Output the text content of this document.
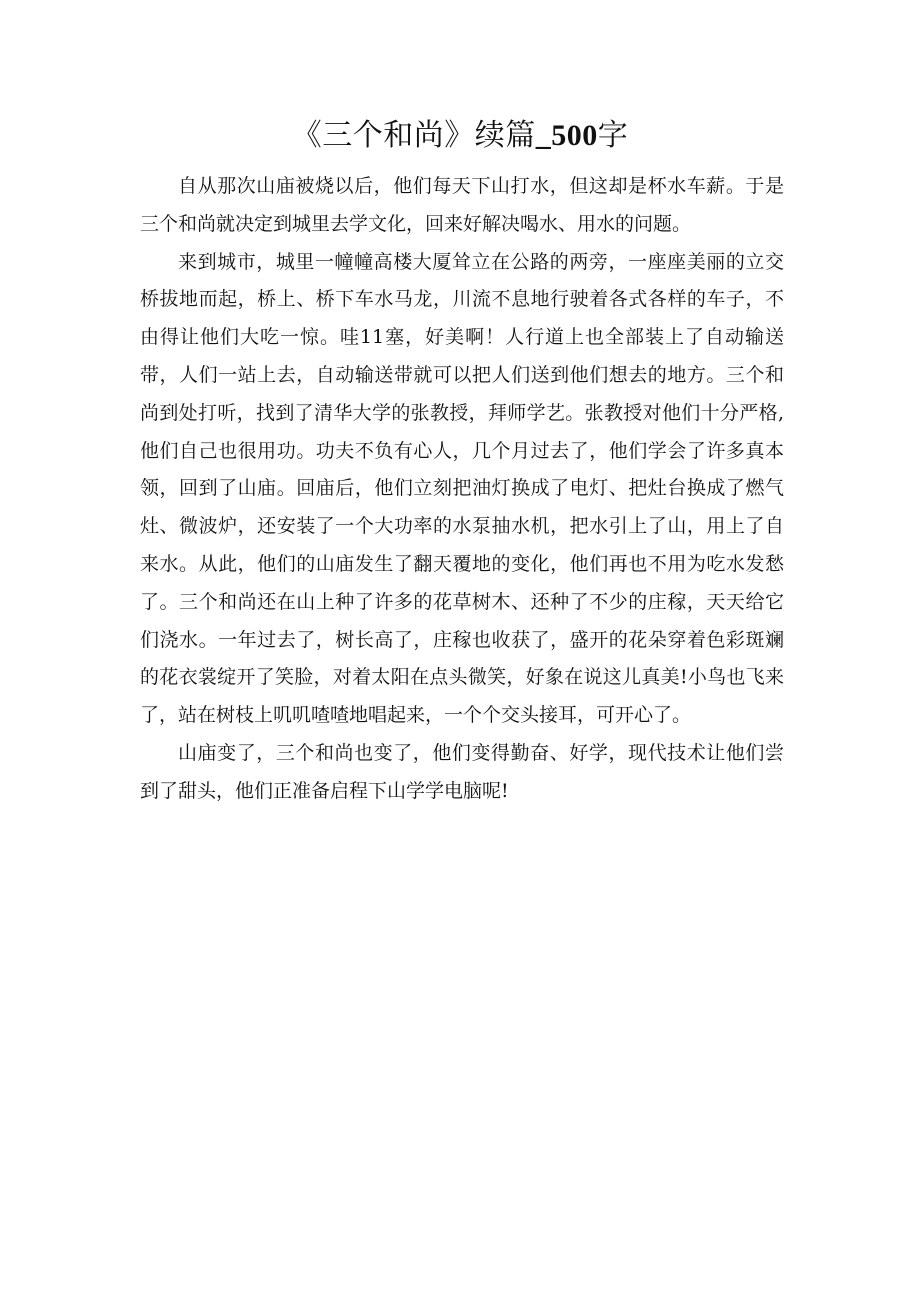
《三个和尚》续篇_500字

自从那次山庙被烧以后，他们每天下山打水，但这却是杯水车薪。于是三个和尚就决定到城里去学文化，回来好解决喝水、用水的问题。

来到城市，城里一幢幢高楼大厦耸立在公路的两旁，一座座美丽的立交桥拔地而起，桥上、桥下车水马龙，川流不息地行驶着各式各样的车子，不由得让他们大吃一惊。哇11塞，好美啊！人行道上也全部装上了自动输送带，人们一站上去，自动输送带就可以把人们送到他们想去的地方。三个和尚到处打听，找到了清华大学的张教授，拜师学艺。张教授对他们十分严格,他们自己也很用功。功夫不负有心人，几个月过去了，他们学会了许多真本领，回到了山庙。回庙后，他们立刻把油灯换成了电灯、把灶台换成了燃气灶、微波炉，还安装了一个大功率的水泵抽水机，把水引上了山，用上了自来水。从此，他们的山庙发生了翻天覆地的变化，他们再也不用为吃水发愁了。三个和尚还在山上种了许多的花草树木、还种了不少的庄稼，天天给它们浇水。一年过去了，树长高了，庄稼也收获了，盛开的花朵穿着色彩斑斓的花衣裳绽开了笑脸，对着太阳在点头微笑，好象在说这儿真美!小鸟也飞来了，站在树枝上叽叽喳喳地唱起来，一个个交头接耳，可开心了。

山庙变了，三个和尚也变了，他们变得勤奋、好学，现代技术让他们尝到了甜头，他们正准备启程下山学学电脑呢!
